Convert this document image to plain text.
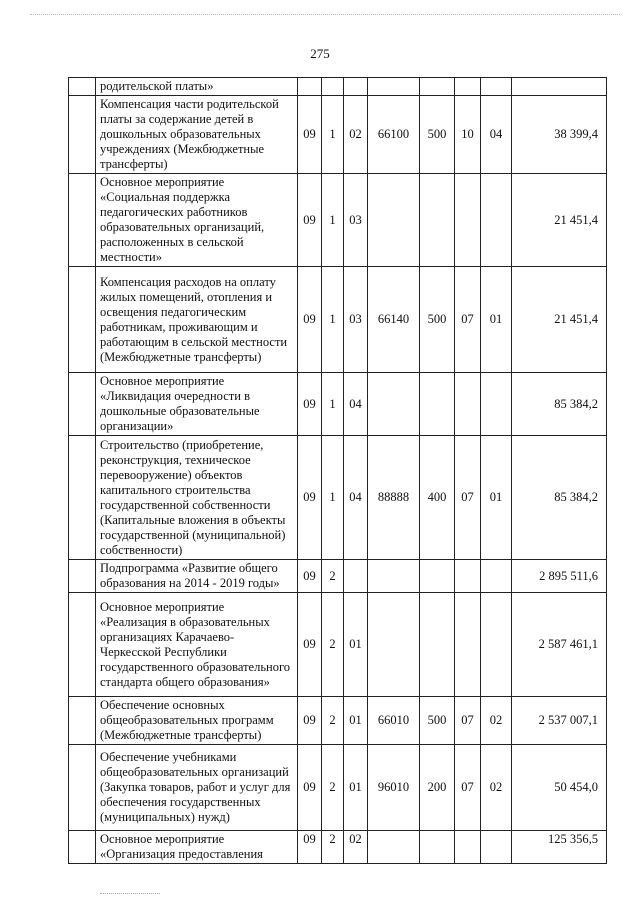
275
	родительской платы»								
	Компенсация части родительской платы за содержание детей в дошкольных образовательных учреждениях (Межбюджетные трансферты)	09	1	02	66100	500	10	04	38 399,4
	Основное мероприятие «Социальная поддержка педагогических работников образовательных организаций, расположенных в сельской местности»	09	1	03					21 451,4
	Компенсация расходов на оплату жилых помещений, отопления и освещения педагогическим работникам, проживающим и работающим в сельской местности (Межбюджетные трансферты)	09	1	03	66140	500	07	01	21 451,4
	Основное мероприятие «Ликвидация очередности в дошкольные образовательные организации»	09	1	04					85 384,2
	Строительство (приобретение, реконструкция, техническое перевооружение) объектов капитального строительства государственной собственности (Капитальные вложения в объекты государственной (муниципальной) собственности)	09	1	04	88888	400	07	01	85 384,2
	Подпрограмма «Развитие общего образования на 2014 - 2019 годы»	09	2						2 895 511,6
	Основное мероприятие «Реализация в образовательных организациях Карачаево-Черкесской Республики государственного образовательного стандарта общего образования»	09	2	01					2 587 461,1
	Обеспечение основных общеобразовательных программ (Межбюджетные трансферты)	09	2	01	66010	500	07	02	2 537 007,1
	Обеспечение учебниками общеобразовательных организаций (Закупка товаров, работ и услуг для обеспечения государственных (муниципальных) нужд)	09	2	01	96010	200	07	02	50 454,0
	Основное мероприятие «Организация предоставления	09	2	02					125 356,5
